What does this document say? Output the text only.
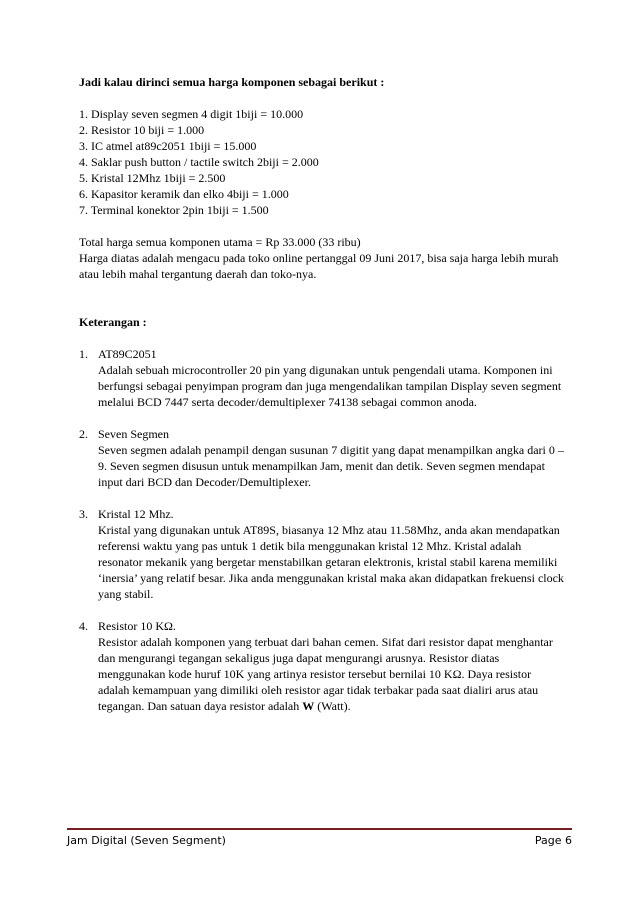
Jadi kalau dirinci semua harga komponen sebagai berikut :

1. Display seven segmen 4 digit 1biji = 10.000
2. Resistor 10 biji = 1.000
3. IC atmel at89c2051 1biji = 15.000
4. Saklar push button / tactile switch 2biji = 2.000
5. Kristal 12Mhz 1biji = 2.500
6. Kapasitor keramik dan elko 4biji = 1.000
7. Terminal konektor 2pin 1biji = 1.500

Total harga semua komponen utama = Rp 33.000 (33 ribu)

Harga diatas adalah mengacu pada toko online pertanggal 09 Juni 2017, bisa saja harga lebih murah atau lebih mahal tergantung daerah dan toko-nya.

Keterangan :

1. AT89C2051

Adalah sebuah microcontroller 20 pin yang digunakan untuk pengendali utama. Komponen ini berfungsi sebagai penyimpan program dan juga mengendalikan tampilan Display seven segment melalui BCD 7447 serta decoder/demultiplexer 74138 sebagai common anoda.

2. Seven Segmen

Seven segmen adalah penampil dengan susunan 7 digitit yang dapat menampilkan angka dari 0 – 9. Seven segmen disusun untuk menampilkan Jam, menit dan detik. Seven segmen mendapat input dari BCD dan Decoder/Demultiplexer.

3. Kristal 12 Mhz.

Kristal yang digunakan untuk AT89S, biasanya 12 Mhz atau 11.58Mhz, anda akan mendapatkan referensi waktu yang pas untuk 1 detik bila menggunakan kristal 12 Mhz. Kristal adalah resonator mekanik yang bergetar menstabilkan getaran elektronis, kristal stabil karena memiliki ‘inersia’ yang relatif besar. Jika anda menggunakan kristal maka akan didapatkan frekuensi clock yang stabil.

4. Resistor 10 KΩ.

Resistor adalah komponen yang terbuat dari bahan cemen. Sifat dari resistor dapat menghantar dan mengurangi tegangan sekaligus juga dapat mengurangi arusnya. Resistor diatas menggunakan kode huruf 10K yang artinya resistor tersebut bernilai 10 KΩ. Daya resistor adalah kemampuan yang dimiliki oleh resistor agar tidak terbakar pada saat dialiri arus atau tegangan. Dan satuan daya resistor adalah W (Watt).

Jam Digital (Seven Segment)	Page 6
